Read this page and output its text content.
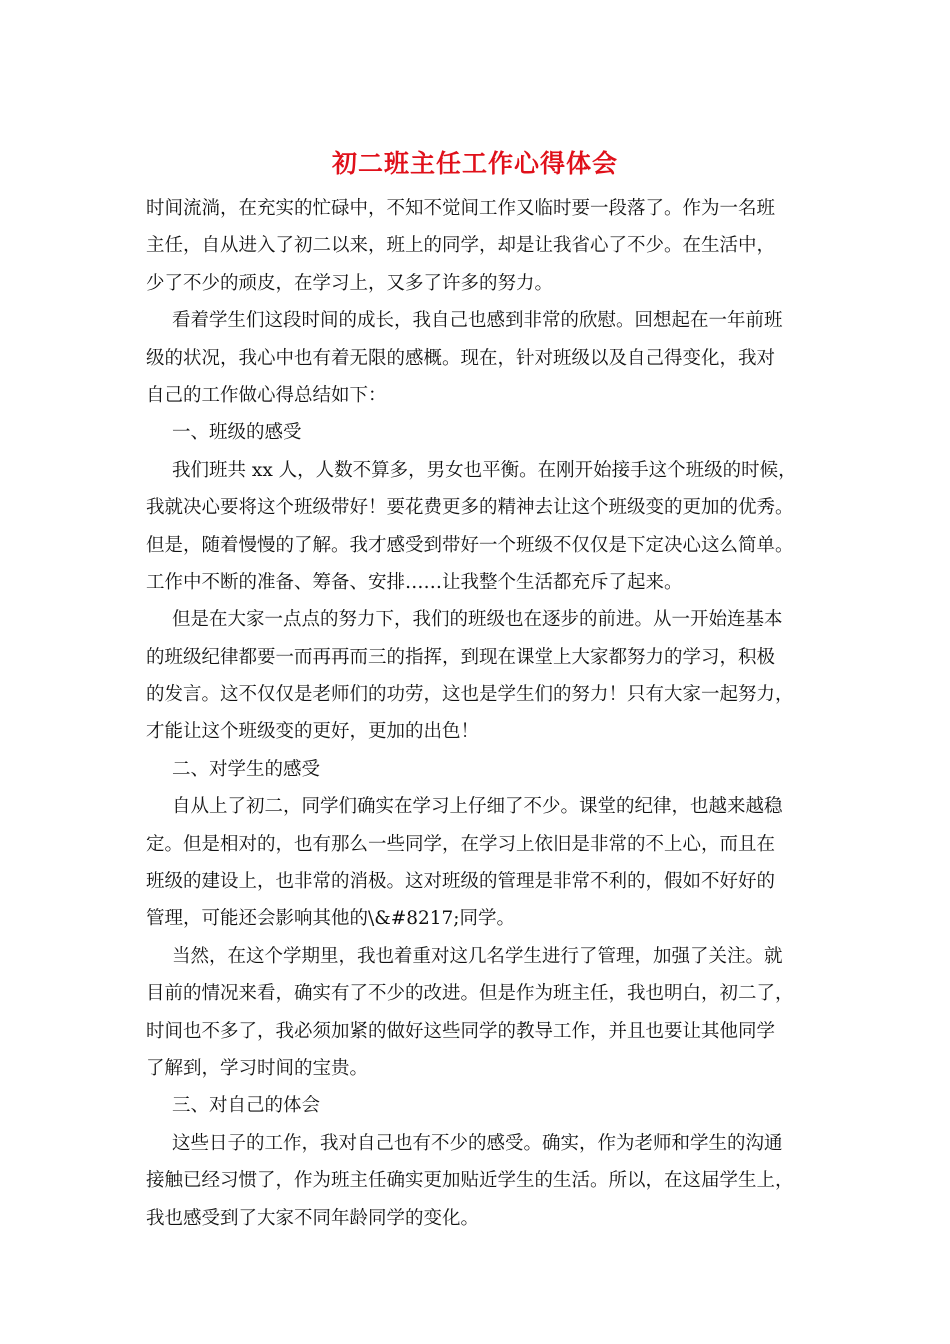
初二班主任工作心得体会
时间流淌，在充实的忙碌中，不知不觉间工作又临时要一段落了。作为一名班
主任，自从进入了初二以来，班上的同学，却是让我省心了不少。在生活中，
少了不少的顽皮，在学习上，又多了许多的努力。
看着学生们这段时间的成长，我自己也感到非常的欣慰。回想起在一年前班
级的状况，我心中也有着无限的感概。现在，针对班级以及自己得变化，我对
自己的工作做心得总结如下：
一、班级的感受
我们班共 xx 人，人数不算多，男女也平衡。在刚开始接手这个班级的时候，
我就决心要将这个班级带好！要花费更多的精神去让这个班级变的更加的优秀。
但是，随着慢慢的了解。我才感受到带好一个班级不仅仅是下定决心这么简单。
工作中不断的准备、筹备、安排……让我整个生活都充斥了起来。
但是在大家一点点的努力下，我们的班级也在逐步的前进。从一开始连基本
的班级纪律都要一而再再而三的指挥，到现在课堂上大家都努力的学习，积极
的发言。这不仅仅是老师们的功劳，这也是学生们的努力！只有大家一起努力，
才能让这个班级变的更好，更加的出色！
二、对学生的感受
自从上了初二，同学们确实在学习上仔细了不少。课堂的纪律，也越来越稳
定。但是相对的，也有那么一些同学，在学习上依旧是非常的不上心，而且在
班级的建设上，也非常的消极。这对班级的管理是非常不利的，假如不好好的
管理，可能还会影响其他的\&#8217;同学。
当然，在这个学期里，我也着重对这几名学生进行了管理，加强了关注。就
目前的情况来看，确实有了不少的改进。但是作为班主任，我也明白，初二了，
时间也不多了，我必须加紧的做好这些同学的教导工作，并且也要让其他同学
了解到，学习时间的宝贵。
三、对自己的体会
这些日子的工作，我对自己也有不少的感受。确实，作为老师和学生的沟通
接触已经习惯了，作为班主任确实更加贴近学生的生活。所以，在这届学生上，
我也感受到了大家不同年龄同学的变化。
